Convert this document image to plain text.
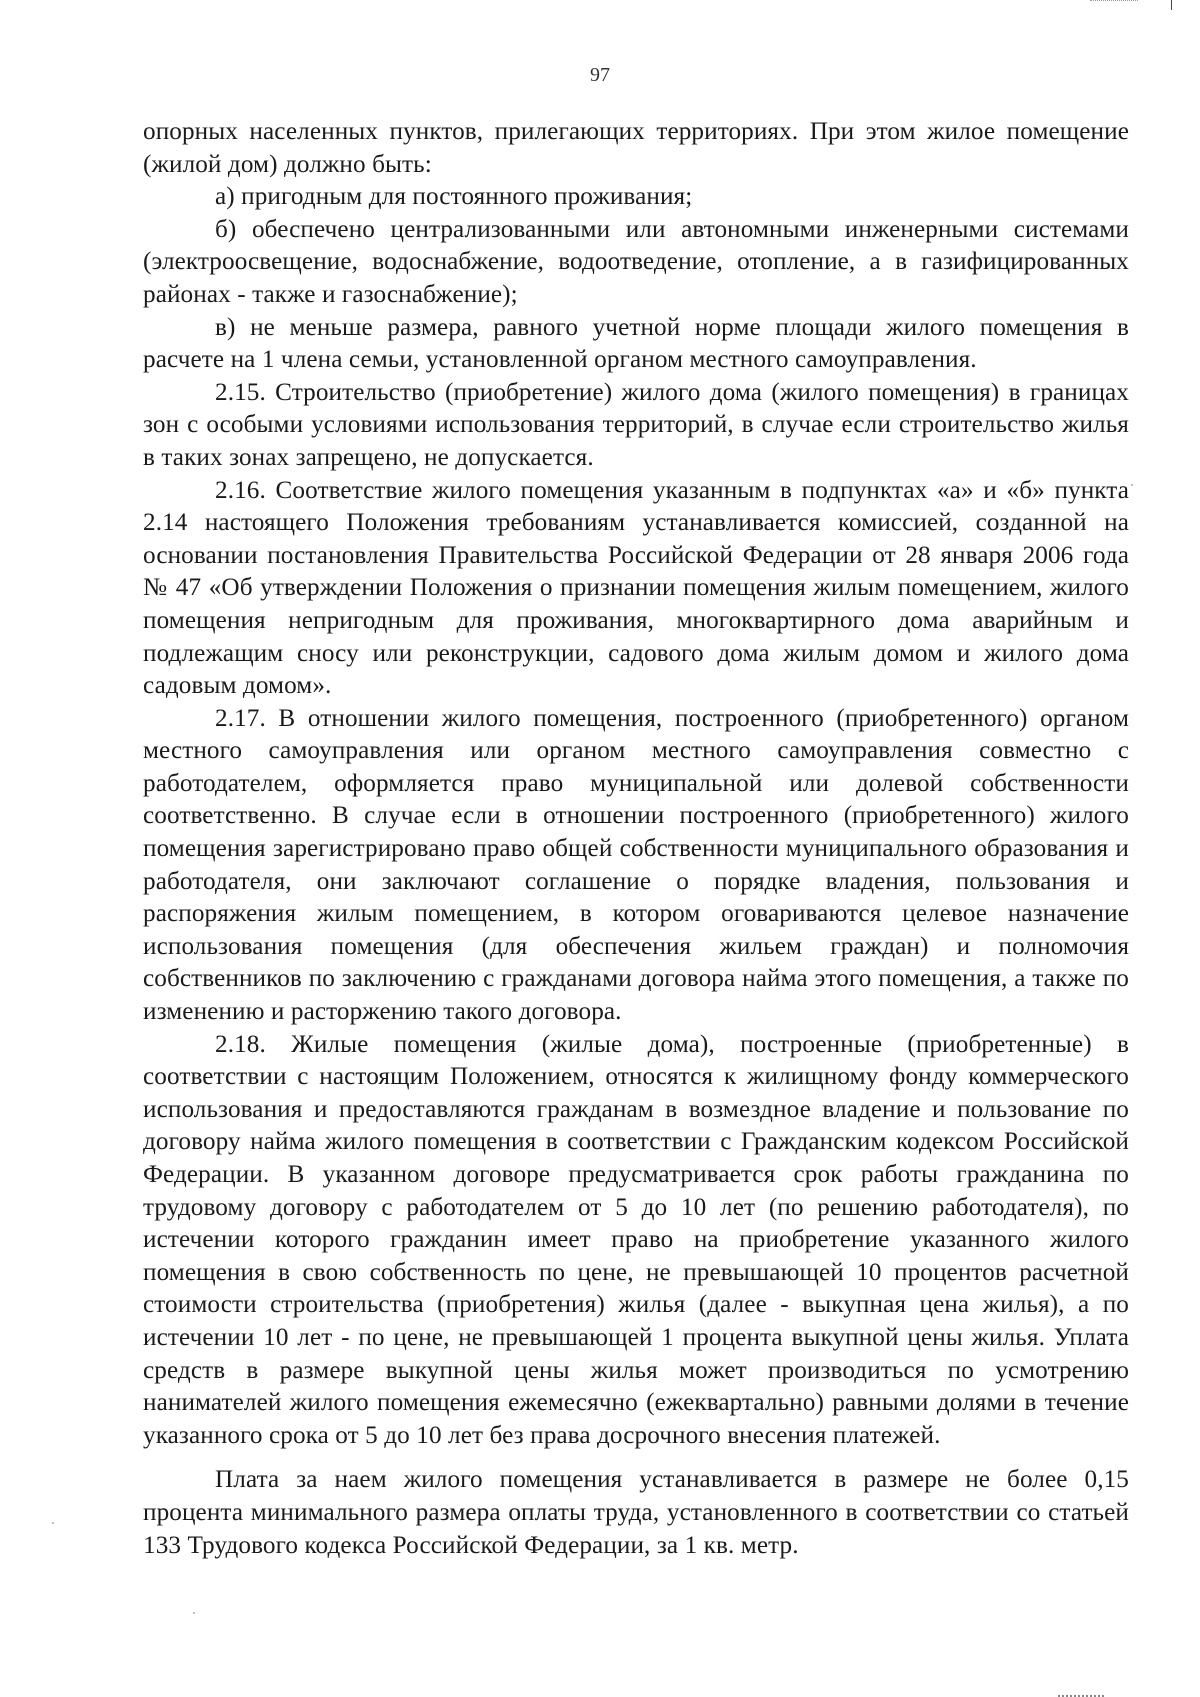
97

опорных населенных пунктов, прилегающих территориях. При этом жилое помещение (жилой дом) должно быть:

а) пригодным для постоянного проживания;

б) обеспечено централизованными или автономными инженерными системами (электроосвещение, водоснабжение, водоотведение, отопление, а в газифицированных районах - также и газоснабжение);

в) не меньше размера, равного учетной норме площади жилого помещения в расчете на 1 члена семьи, установленной органом местного самоуправления.

2.15. Строительство (приобретение) жилого дома (жилого помещения) в границах зон с особыми условиями использования территорий, в случае если строительство жилья в таких зонах запрещено, не допускается.

2.16. Соответствие жилого помещения указанным в подпунктах «а» и «б» пункта 2.14 настоящего Положения требованиям устанавливается комиссией, созданной на основании постановления Правительства Российской Федерации от 28 января 2006 года № 47 «Об утверждении Положения о признании помещения жилым помещением, жилого помещения непригодным для проживания, многоквартирного дома аварийным и подлежащим сносу или реконструкции, садового дома жилым домом и жилого дома садовым домом».

2.17. В отношении жилого помещения, построенного (приобретенного) органом местного самоуправления или органом местного самоуправления совместно с работодателем, оформляется право муниципальной или долевой собственности соответственно. В случае если в отношении построенного (приобретенного) жилого помещения зарегистрировано право общей собственности муниципального образования и работодателя, они заключают соглашение о порядке владения, пользования и распоряжения жилым помещением, в котором оговариваются целевое назначение использования помещения (для обеспечения жильем граждан) и полномочия собственников по заключению с гражданами договора найма этого помещения, а также по изменению и расторжению такого договора.

2.18. Жилые помещения (жилые дома), построенные (приобретенные) в соответствии с настоящим Положением, относятся к жилищному фонду коммерческого использования и предоставляются гражданам в возмездное владение и пользование по договору найма жилого помещения в соответствии с Гражданским кодексом Российской Федерации. В указанном договоре предусматривается срок работы гражданина по трудовому договору с работодателем от 5 до 10 лет (по решению работодателя), по истечении которого гражданин имеет право на приобретение указанного жилого помещения в свою собственность по цене, не превышающей 10 процентов расчетной стоимости строительства (приобретения) жилья (далее - выкупная цена жилья), а по истечении 10 лет - по цене, не превышающей 1 процента выкупной цены жилья. Уплата средств в размере выкупной цены жилья может производиться по усмотрению нанимателей жилого помещения ежемесячно (ежеквартально) равными долями в течение указанного срока от 5 до 10 лет без права досрочного внесения платежей.

Плата за наем жилого помещения устанавливается в размере не более 0,15 процента минимального размера оплаты труда, установленного в соответствии со статьей 133 Трудового кодекса Российской Федерации, за 1 кв. метр.
